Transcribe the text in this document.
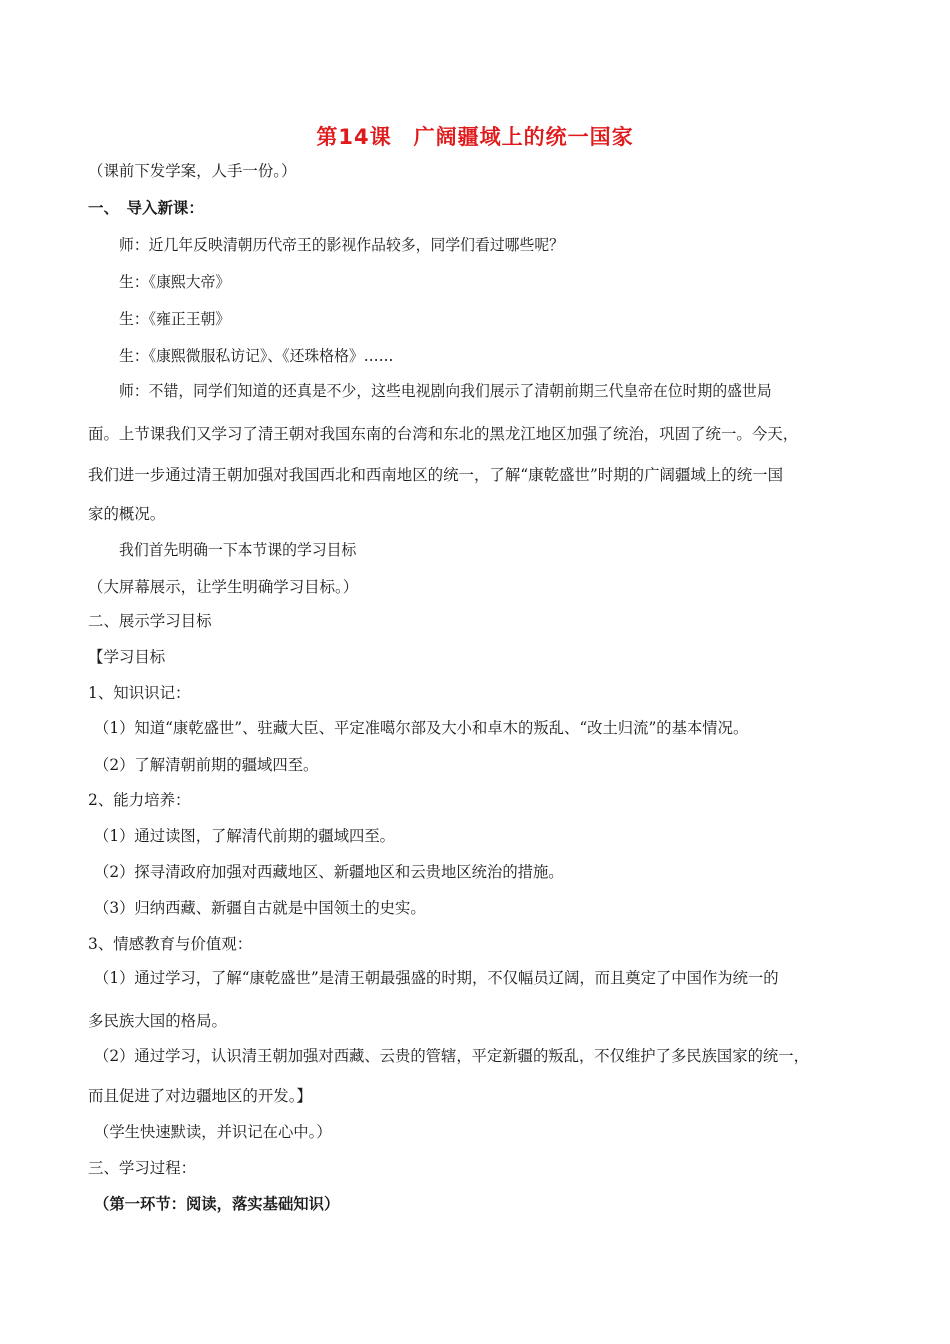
第14课　广阔疆域上的统一国家
（课前下发学案，人手一份。）
一、　导入新课：
师：近几年反映清朝历代帝王的影视作品较多，同学们看过哪些呢？
生：《康熙大帝》
生：《雍正王朝》
生：《康熙微服私访记》、《还珠格格》……
师：不错，同学们知道的还真是不少，这些电视剧向我们展示了清朝前期三代皇帝在位时期的盛世局
面。上节课我们又学习了清王朝对我国东南的台湾和东北的黑龙江地区加强了统治，巩固了统一。今天，
我们进一步通过清王朝加强对我国西北和西南地区的统一，了解“康乾盛世”时期的广阔疆域上的统一国
家的概况。
我们首先明确一下本节课的学习目标
（大屏幕展示，让学生明确学习目标。）
二、展示学习目标
【学习目标
1、知识识记：
（1）知道“康乾盛世”、驻藏大臣、平定准噶尔部及大小和卓木的叛乱、“改土归流”的基本情况。
（2）了解清朝前期的疆域四至。
2、能力培养：
（1）通过读图，了解清代前期的疆域四至。
（2）探寻清政府加强对西藏地区、新疆地区和云贵地区统治的措施。
（3）归纳西藏、新疆自古就是中国领土的史实。
3、情感教育与价值观：
（1）通过学习，了解“康乾盛世”是清王朝最强盛的时期，不仅幅员辽阔，而且奠定了中国作为统一的
多民族大国的格局。
（2）通过学习，认识清王朝加强对西藏、云贵的管辖，平定新疆的叛乱，不仅维护了多民族国家的统一，
而且促进了对边疆地区的开发。】
（学生快速默读，并识记在心中。）
三、学习过程：
（第一环节：阅读，落实基础知识）
